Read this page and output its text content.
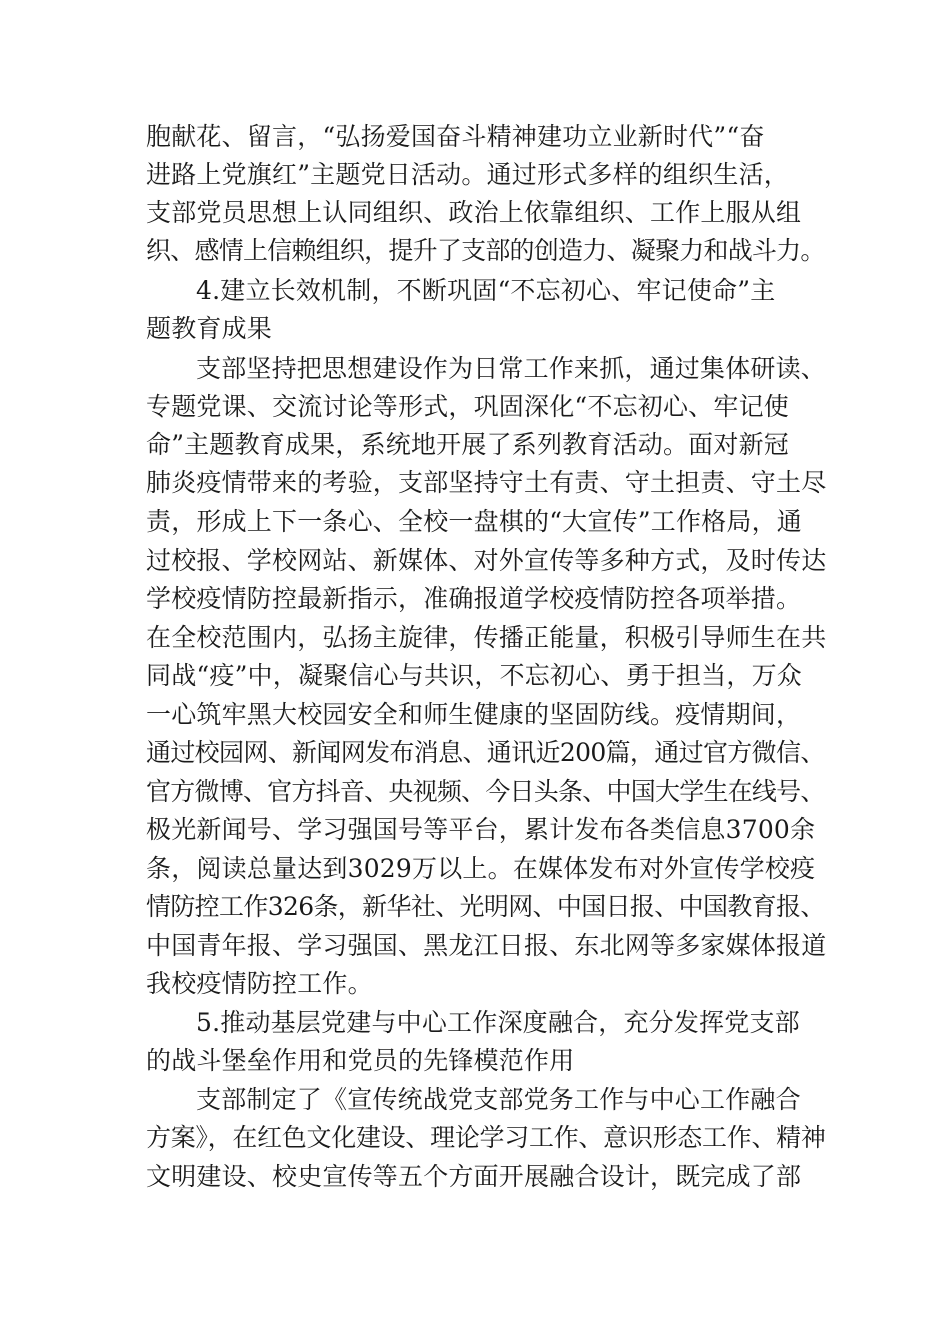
胞献花、留言，“弘扬爱国奋斗精神建功立业新时代”“奋
进路上党旗红”主题党日活动。通过形式多样的组织生活，
支部党员思想上认同组织、政治上依靠组织、工作上服从组
织、感情上信赖组织，提升了支部的创造力、凝聚力和战斗力。
4.建立长效机制，不断巩固“不忘初心、牢记使命”主
题教育成果
支部坚持把思想建设作为日常工作来抓，通过集体研读、
专题党课、交流讨论等形式，巩固深化“不忘初心、牢记使
命”主题教育成果，系统地开展了系列教育活动。面对新冠
肺炎疫情带来的考验，支部坚持守土有责、守土担责、守土尽
责，形成上下一条心、全校一盘棋的“大宣传”工作格局，通
过校报、学校网站、新媒体、对外宣传等多种方式，及时传达
学校疫情防控最新指示，准确报道学校疫情防控各项举措。
在全校范围内，弘扬主旋律，传播正能量，积极引导师生在共
同战“疫”中，凝聚信心与共识，不忘初心、勇于担当，万众
一心筑牢黑大校园安全和师生健康的坚固防线。疫情期间，
通过校园网、新闻网发布消息、通讯近200篇，通过官方微信、
官方微博、官方抖音、央视频、今日头条、中国大学生在线号、
极光新闻号、学习强国号等平台，累计发布各类信息3700余
条，阅读总量达到3029万以上。在媒体发布对外宣传学校疫
情防控工作326条，新华社、光明网、中国日报、中国教育报、
中国青年报、学习强国、黑龙江日报、东北网等多家媒体报道
我校疫情防控工作。
5.推动基层党建与中心工作深度融合，充分发挥党支部
的战斗堡垒作用和党员的先锋模范作用
支部制定了《宣传统战党支部党务工作与中心工作融合
方案》，在红色文化建设、理论学习工作、意识形态工作、精神
文明建设、校史宣传等五个方面开展融合设计，既完成了部
